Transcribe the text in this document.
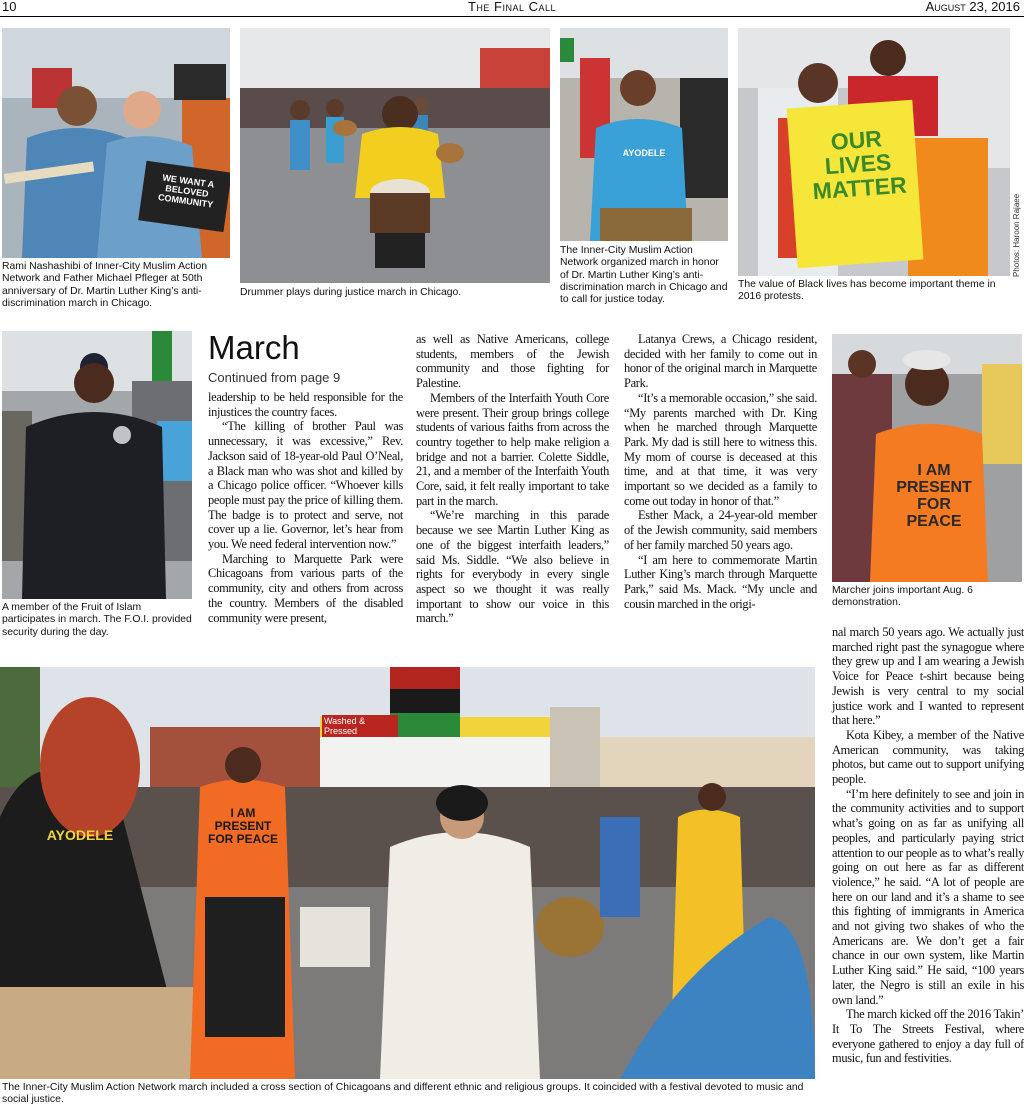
The Final Call
10	August 23, 2016
WE WANT A BELOVED COMMUNITY
Rami Nashashibi of Inner-City Muslim Action Network and Father Michael Pfleger at 50th anniversary of Dr. Martin Luther King’s anti-discrimination march in Chicago.
Drummer plays during justice march in Chicago.
AYODELE
The Inner-City Muslim Action Network organized march in honor of Dr. Martin Luther King’s anti-discrimination march in Chicago and to call for justice today.
OUR LIVES MATTER
Photos: Haroon Rajaee
The value of Black lives has become important theme in 2016 protests.
A member of the Fruit of Islam participates in march. The F.O.I. provided security during the day.
March
Continued from page 9

leadership to be held responsible for the injustices the country faces.

“The killing of brother Paul was unnecessary, it was excessive,” Rev. Jackson said of 18-year-old Paul O’Neal, a Black man who was shot and killed by a Chicago police officer. “Whoever kills people must pay the price of killing them. The badge is to protect and serve, not cover up a lie. Governor, let’s hear from you. We need federal intervention now.”

Marching to Marquette Park were Chicagoans from various parts of the community, city and others from across the country. Members of the disabled community were present,

as well as Native Americans, college students, members of the Jewish community and those fighting for Palestine.

Members of the Interfaith Youth Core were present. Their group brings college students of various faiths from across the country together to help make religion a bridge and not a barrier. Colette Siddle, 21, and a member of the Interfaith Youth Core, said, it felt really important to take part in the march.

“We’re marching in this parade because we see Martin Luther King as one of the biggest interfaith leaders,” said Ms. Siddle. “We also believe in rights for everybody in every single aspect so we thought it was really important to show our voice in this march.”

Latanya Crews, a Chicago resident, decided with her family to come out in honor of the original march in Marquette Park.

“It’s a memorable occasion,” she said. “My parents marched with Dr. King when he marched through Marquette Park. My dad is still here to witness this. My mom of course is deceased at this time, and at that time, it was very important so we decided as a family to come out today in honor of that.”

Esther Mack, a 24-year-old member of the Jewish community, said members of her family marched 50 years ago.

“I am here to commemorate Martin Luther King’s march through Marquette Park,” said Ms. Mack. “My uncle and cousin marched in the origi-

I AM PRESENT FOR PEACE
Marcher joins important Aug. 6 demonstration.

nal march 50 years ago. We actually just marched right past the synagogue where they grew up and I am wearing a Jewish Voice for Peace t-shirt because being Jewish is very central to my social justice work and I wanted to represent that here.”

Kota Kibey, a member of the Native American community, was taking photos, but came out to support unifying people.

“I’m here definitely to see and join in the community activities and to support what’s going on as far as unifying all peoples, and particularly paying strict attention to our people as to what’s really going on out here as far as different violence,” he said. “A lot of people are here on our land and it’s a shame to see this fighting of immigrants in America and not giving two shakes of who the Americans are. We don’t get a fair chance in our own system, like Martin Luther King said.” He said, “100 years later, the Negro is still an exile in his own land.”

The march kicked off the 2016 Takin’ It To The Streets Festival, where everyone gathered to enjoy a day full of music, fun and festivities.

Washed & Pressed
I AM PRESENT FOR PEACE
AYODELE
The Inner-City Muslim Action Network march included a cross section of Chicagoans and different ethnic and religious groups. It coincided with a festival devoted to music and social justice.
